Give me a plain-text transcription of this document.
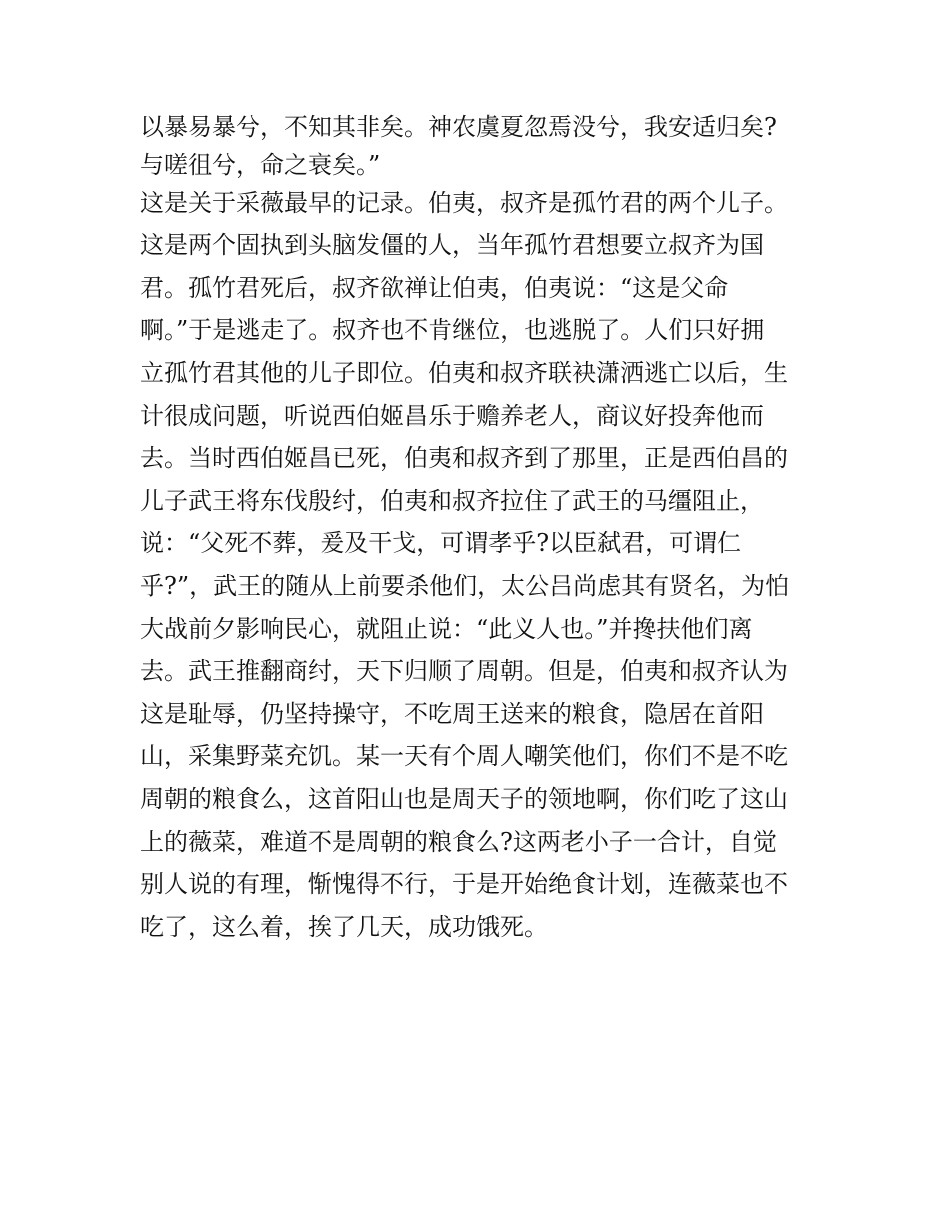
以暴易暴兮，不知其非矣。神农虞夏忽焉没兮，我安适归矣?

与嗟徂兮，命之衰矣。”

这是关于采薇最早的记录。伯夷，叔齐是孤竹君的两个儿子。

这是两个固执到头脑发僵的人，当年孤竹君想要立叔齐为国

君。孤竹君死后，叔齐欲禅让伯夷，伯夷说：“这是父命

啊。”于是逃走了。叔齐也不肯继位，也逃脱了。人们只好拥

立孤竹君其他的儿子即位。伯夷和叔齐联袂潇洒逃亡以后，生

计很成问题，听说西伯姬昌乐于赡养老人，商议好投奔他而

去。当时西伯姬昌已死，伯夷和叔齐到了那里，正是西伯昌的

儿子武王将东伐殷纣，伯夷和叔齐拉住了武王的马缰阻止，

说：“父死不葬，爰及干戈，可谓孝乎?以臣弑君，可谓仁

乎?”，武王的随从上前要杀他们，太公吕尚虑其有贤名，为怕

大战前夕影响民心，就阻止说：“此义人也。”并搀扶他们离

去。武王推翻商纣，天下归顺了周朝。但是，伯夷和叔齐认为

这是耻辱，仍坚持操守，不吃周王送来的粮食，隐居在首阳

山，采集野菜充饥。某一天有个周人嘲笑他们，你们不是不吃

周朝的粮食么，这首阳山也是周天子的领地啊，你们吃了这山

上的薇菜，难道不是周朝的粮食么?这两老小子一合计，自觉

别人说的有理，惭愧得不行，于是开始绝食计划，连薇菜也不

吃了，这么着，挨了几天，成功饿死。
